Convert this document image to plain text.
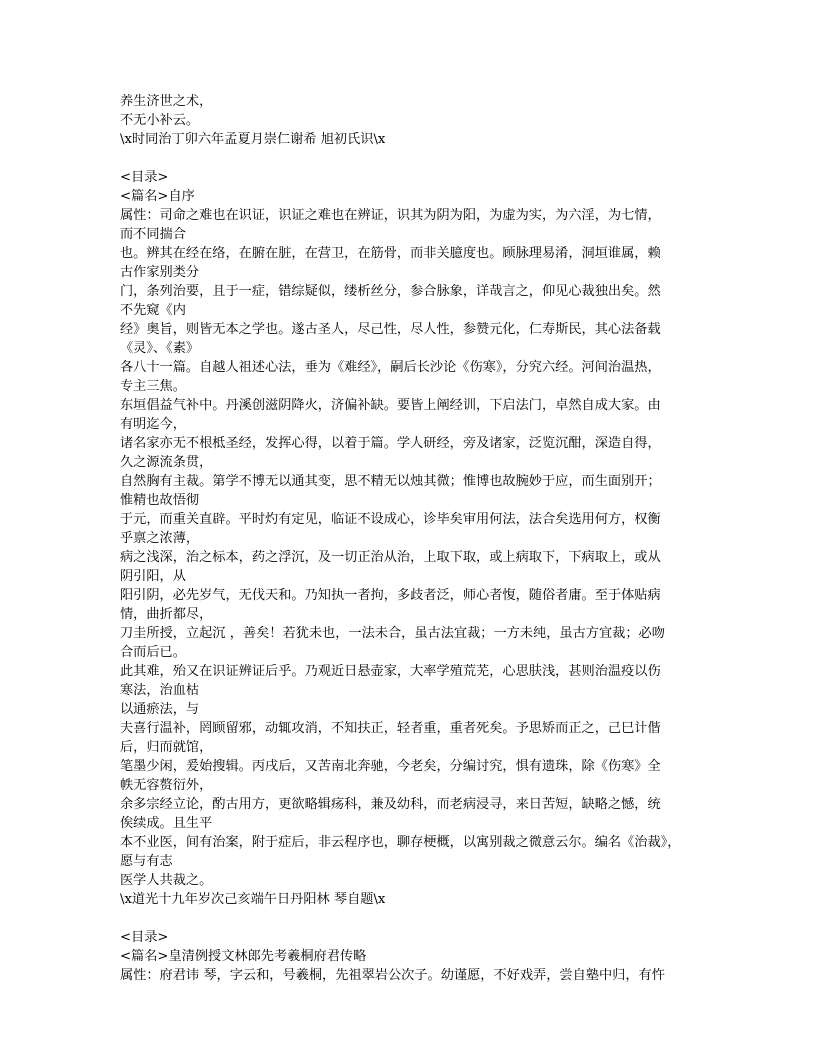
养生济世之术，
不无小补云。
\x时同治丁卯六年孟夏月崇仁谢希 旭初氏识\x
<目录>
<篇名>自序
属性：司命之难也在识证，识证之难也在辨证，识其为阴为阳，为虚为实，为六淫，为七情，
而不同揣合
也。辨其在经在络，在腑在脏，在营卫，在筋骨，而非关臆度也。顾脉理易淆，洞垣谁属，赖
古作家别类分
门，条列治要，且于一症，错综疑似，缕析丝分，参合脉象，详哉言之，仰见心裁独出矣。然
不先窥《内
经》奥旨，则皆无本之学也。遂古圣人，尽己性，尽人性，参赞元化，仁寿斯民，其心法备载
《灵》、《素》
各八十一篇。自越人祖述心法，垂为《难经》，嗣后长沙论《伤寒》，分究六经。河间治温热，
专主三焦。
东垣倡益气补中。丹溪创滋阴降火，济偏补缺。要皆上阐经训，下启法门，卓然自成大家。由
有明迄今，
诸名家亦无不根柢圣经，发挥心得，以着于篇。学人研经，旁及诸家，泛览沉酣，深造自得，
久之源流条贯，
自然胸有主裁。第学不博无以通其变，思不精无以烛其微；惟博也故腕妙于应，而生面别开；
惟精也故悟彻
于元，而重关直辟。平时灼有定见，临证不设成心，诊毕矣审用何法，法合矣选用何方，权衡
乎禀之浓薄，
病之浅深，治之标本，药之浮沉，及一切正治从治，上取下取，或上病取下，下病取上，或从
阴引阳，从
阳引阴，必先岁气，无伐天和。乃知执一者拘，多歧者泛，师心者愎，随俗者庸。至于体贴病
情，曲折都尽，
刀圭所授，立起沉 ，善矣！若犹未也，一法未合，虽古法宜裁；一方未纯，虽古方宜裁；必吻
合而后已。
此其难，殆又在识证辨证后乎。乃观近日悬壶家，大率学殖荒芜，心思肤浅，甚则治温疫以伤
寒法，治血枯
以通瘀法，与
夫喜行温补，罔顾留邪，动辄攻消，不知扶正，轻者重，重者死矣。予思矫而正之，己巳计偕
后，归而就馆，
笔墨少闲，爰始搜辑。丙戌后，又苦南北奔驰，今老矣，分编讨究，惧有遗珠，除《伤寒》全
帙无容赘衍外，
余多宗经立论，酌古用方，更欲略辑疡科，兼及幼科，而老病浸寻，来日苦短，缺略之憾，统
俟续成。且生平
本不业医，间有治案，附于症后，非云程序也，聊存梗概，以寓别裁之微意云尔。编名《治裁》，
愿与有志
医学人共裁之。
\x道光十九年岁次己亥端午日丹阳林 琴自题\x
<目录>
<篇名>皇清例授文林郎先考羲桐府君传略
属性：府君讳 琴，字云和，号羲桐，先祖翠岩公次子。幼谨愿，不好戏弄，尝自塾中归，有忤
